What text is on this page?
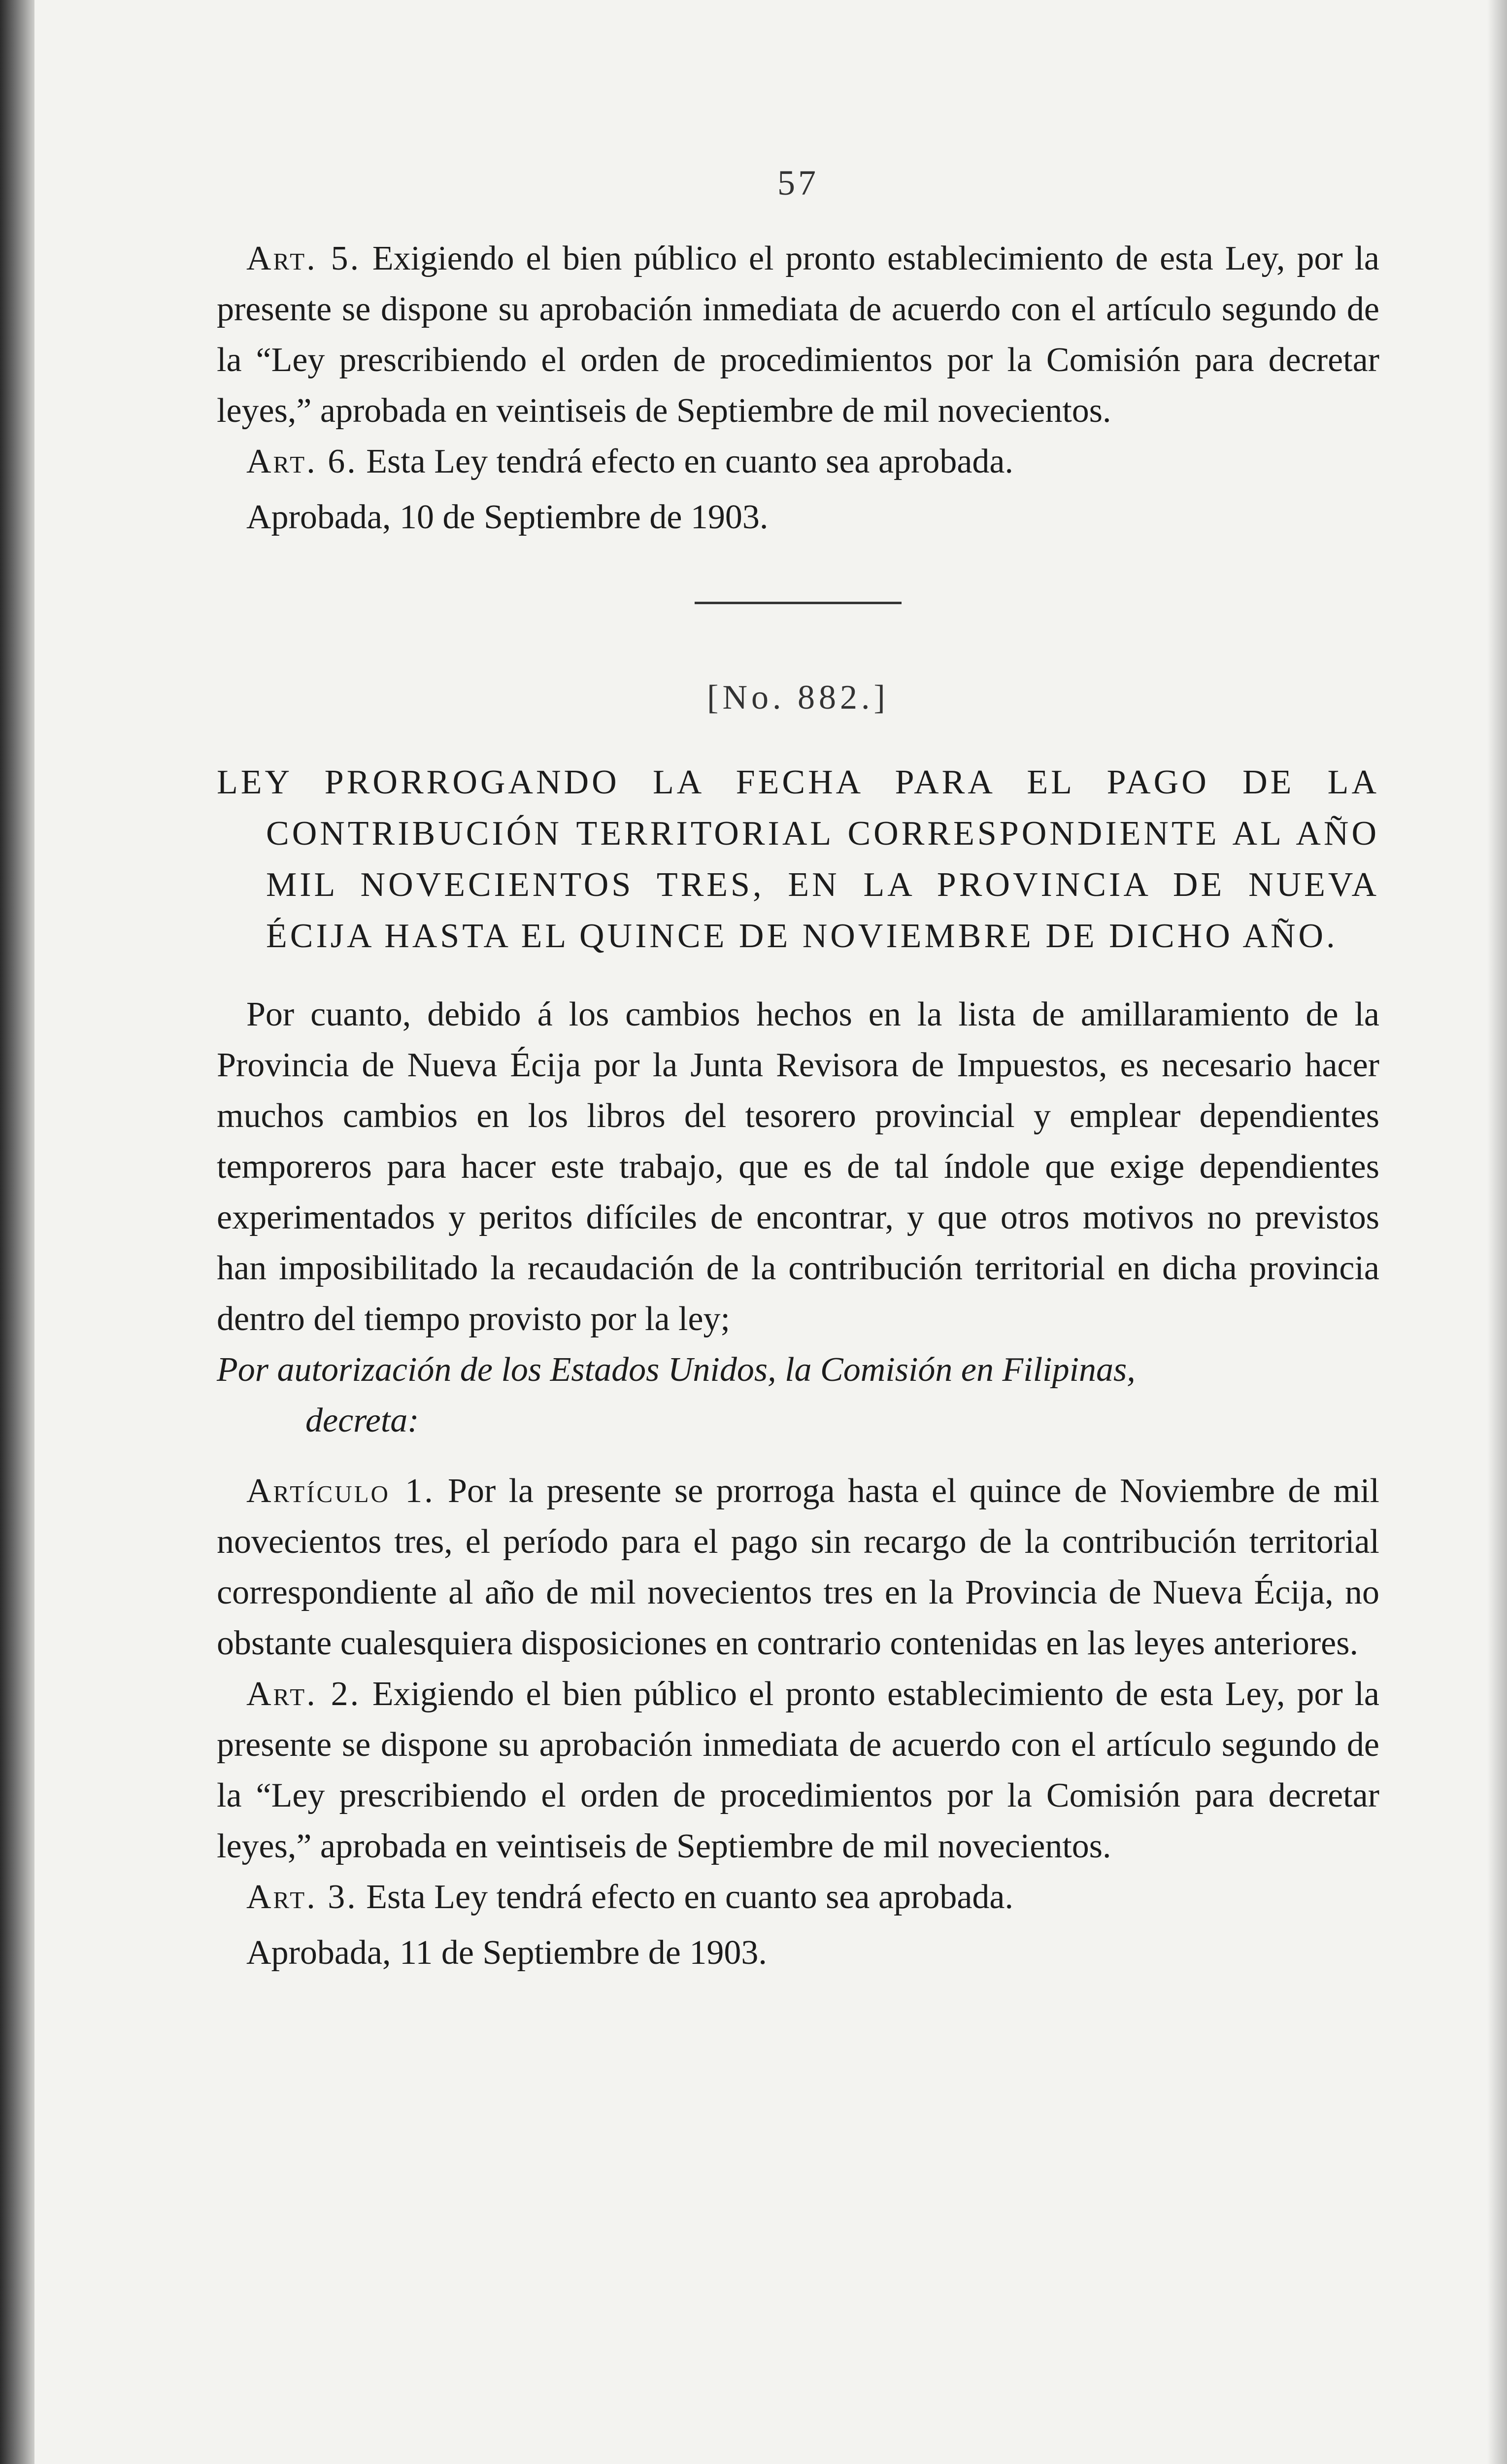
57

Art. 5. Exigiendo el bien público el pronto establecimiento de esta Ley, por la presente se dispone su aprobación inmediata de acuerdo con el artículo segundo de la “Ley prescribiendo el orden de procedimientos por la Comisión para decretar leyes,” aprobada en veintiseis de Septiembre de mil novecientos.

Art. 6. Esta Ley tendrá efecto en cuanto sea aprobada.

Aprobada, 10 de Septiembre de 1903.

[No. 882.]

LEY PRORROGANDO LA FECHA PARA EL PAGO DE LA CONTRIBUCIÓN TERRITORIAL CORRESPONDIENTE AL AÑO MIL NOVECIENTOS TRES, EN LA PROVINCIA DE NUEVA ÉCIJA HASTA EL QUINCE DE NOVIEMBRE DE DICHO AÑO.

Por cuanto, debido á los cambios hechos en la lista de amillaramiento de la Provincia de Nueva Écija por la Junta Revisora de Impuestos, es necesario hacer muchos cambios en los libros del tesorero provincial y emplear dependientes temporeros para hacer este trabajo, que es de tal índole que exige dependientes experimentados y peritos difíciles de encontrar, y que otros motivos no previstos han imposibilitado la recaudación de la contribución territorial en dicha provincia dentro del tiempo provisto por la ley;

Por autorización de los Estados Unidos, la Comisión en Filipinas,
decreta:

Artículo 1. Por la presente se prorroga hasta el quince de Noviembre de mil novecientos tres, el período para el pago sin recargo de la contribución territorial correspondiente al año de mil novecientos tres en la Provincia de Nueva Écija, no obstante cualesquiera disposiciones en contrario contenidas en las leyes anteriores.

Art. 2. Exigiendo el bien público el pronto establecimiento de esta Ley, por la presente se dispone su aprobación inmediata de acuerdo con el artículo segundo de la “Ley prescribiendo el orden de procedimientos por la Comisión para decretar leyes,” aprobada en veintiseis de Septiembre de mil novecientos.

Art. 3. Esta Ley tendrá efecto en cuanto sea aprobada.

Aprobada, 11 de Septiembre de 1903.
